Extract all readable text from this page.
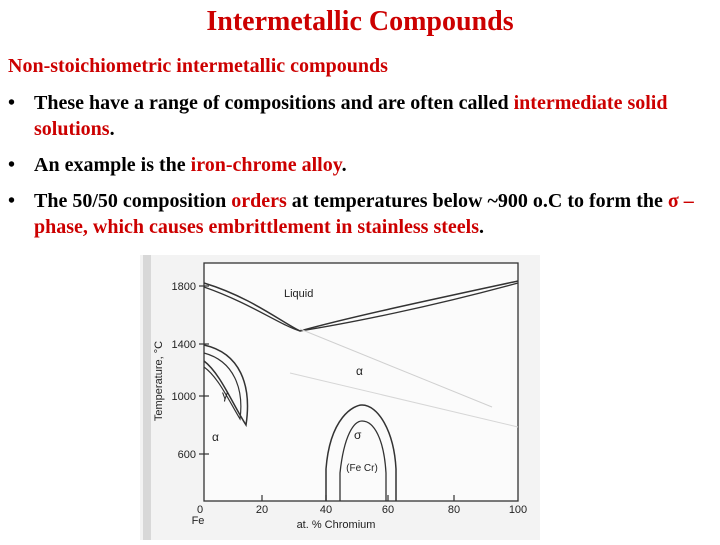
Intermetallic Compounds
Non-stoichiometric intermetallic compounds
• These have a range of compositions and are often called intermediate solid solutions.
• An example is the iron-chrome alloy.
• The 50/50 composition orders at temperatures below ~900 o.C to form the σ –phase, which causes embrittlement in stainless steels.
1800
1400
1000
600
0	20	40	60	80	100
Fe
Temperature, °C
at. % Chromium
Liquid
α
γ
α	σ
(Fe Cr)
